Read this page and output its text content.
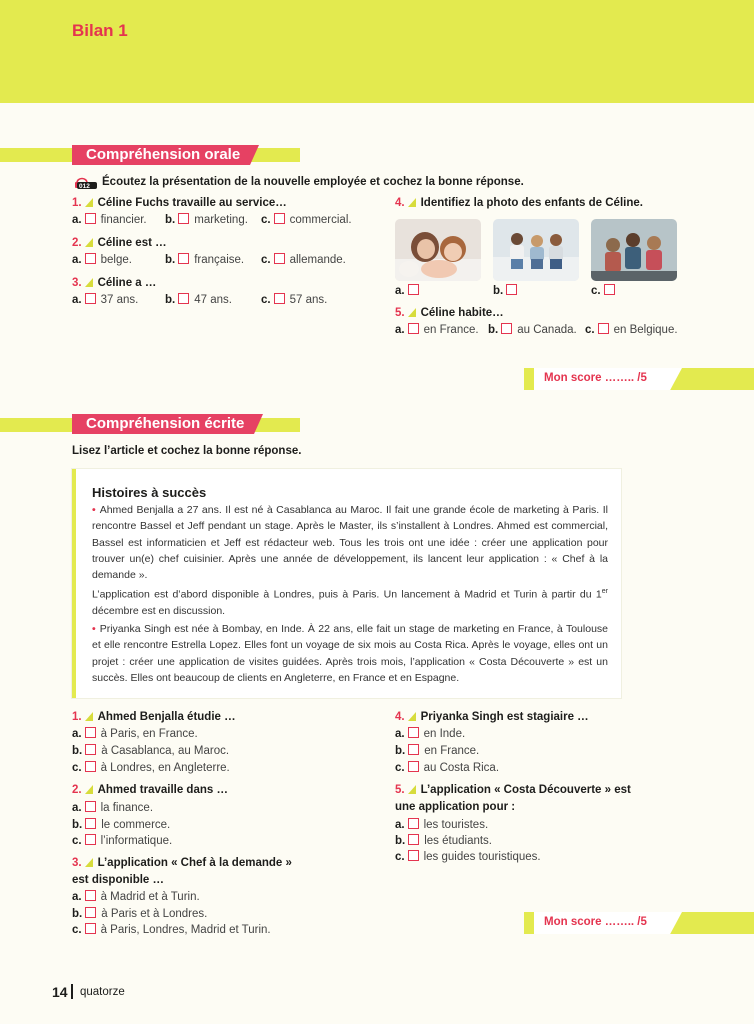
Bilan 1
Compréhension orale
012 Écoutez la présentation de la nouvelle employée et cochez la bonne réponse.
1. Céline Fuchs travaille au service…
a. financier. b. marketing. c. commercial.
2. Céline est …
a. belge.	b. française. c. allemande.
3. Céline a …
a. 37 ans. b. 47 ans.	c. 57 ans.
4. Identifiez la photo des enfants de Céline.
a.	b.	c.
5. Céline habite…
a. en France. b. au Canada. c. en Belgique.
Mon score …….. /5
Compréhension écrite
Lisez l’article et cochez la bonne réponse.
Histoires à succès
• Ahmed Benjalla a 27 ans. Il est né à Casablanca au Maroc. Il fait une grande école de marketing à Paris. Il rencontre Bassel et Jeff pendant un stage. Après le Master, ils s’installent à Londres. Ahmed est commercial, Bassel est informaticien et Jeff est rédacteur web. Tous les trois ont une idée : créer une application pour trouver un(e) chef cuisinier. Après une année de développement, ils lancent leur application : « Chef à la demande ».
L’application est d’abord disponible à Londres, puis à Paris. Un lancement à Madrid et Turin à partir du 1er décembre est en discussion.
• Priyanka Singh est née à Bombay, en Inde. À 22 ans, elle fait un stage de marketing en France, à Toulouse et elle rencontre Estrella Lopez. Elles font un voyage de six mois au Costa Rica. Après le voyage, elles ont un projet : créer une application de visites guidées. Après trois mois, l’application « Costa Découverte » est un succès. Elles ont beaucoup de clients en Angleterre, en France et en Espagne.
1. Ahmed Benjalla étudie …
a. à Paris, en France.
b. à Casablanca, au Maroc.
c. à Londres, en Angleterre.
2. Ahmed travaille dans …
a. la finance.
b. le commerce.
c. l’informatique.
3. L’application « Chef à la demande »
est disponible …
a. à Madrid et à Turin.
b. à Paris et à Londres.
c. à Paris, Londres, Madrid et Turin.
4. Priyanka Singh est stagiaire …
a. en Inde.
b. en France.
c. au Costa Rica.
5. L’application « Costa Découverte » est
une application pour :
a. les touristes.
b. les étudiants.
c. les guides touristiques.
Mon score …….. /5
14 quatorze
